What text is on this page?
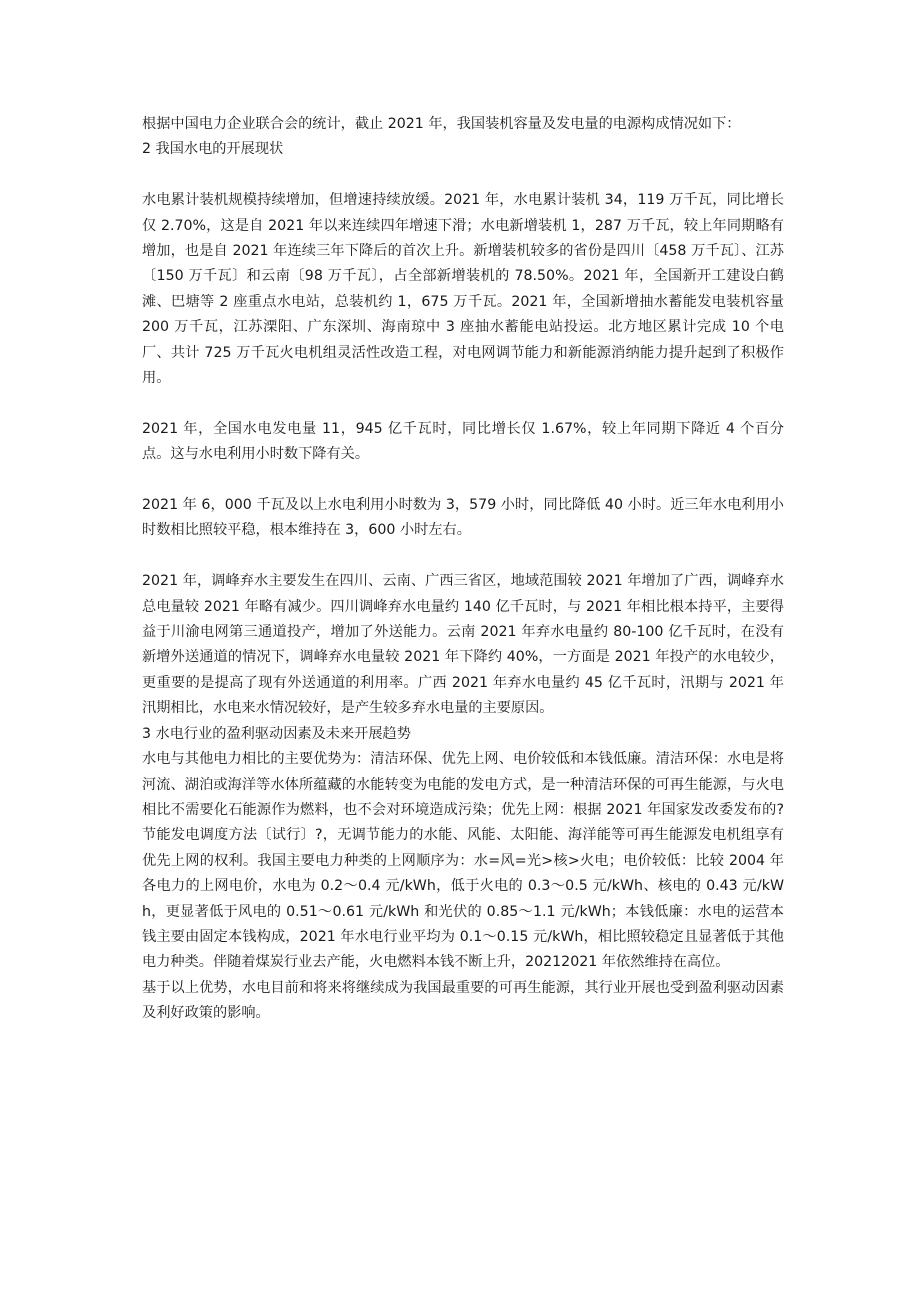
根据中国电力企业联合会的统计，截止 2021 年，我国装机容量及发电量的电源构成情况如下：

2 我国水电的开展现状

水电累计装机规模持续增加，但增速持续放缓。2021 年，水电累计装机 34，119 万千瓦，同比增长仅 2.70%，这是自 2021 年以来连续四年增速下滑；水电新增装机 1，287 万千瓦，较上年同期略有增加，也是自 2021 年连续三年下降后的首次上升。新增装机较多的省份是四川〔458 万千瓦〕、江苏〔150 万千瓦〕和云南〔98 万千瓦〕，占全部新增装机的 78.50%。2021 年，全国新开工建设白鹤滩、巴塘等 2 座重点水电站，总装机约 1，675 万千瓦。2021 年，全国新增抽水蓄能发电装机容量 200 万千瓦，江苏溧阳、广东深圳、海南琼中 3 座抽水蓄能电站投运。北方地区累计完成 10 个电厂、共计 725 万千瓦火电机组灵活性改造工程，对电网调节能力和新能源消纳能力提升起到了积极作用。

2021 年，全国水电发电量 11，945 亿千瓦时，同比增长仅 1.67%，较上年同期下降近 4 个百分点。这与水电利用小时数下降有关。

2021 年 6，000 千瓦及以上水电利用小时数为 3，579 小时，同比降低 40 小时。近三年水电利用小时数相比照较平稳，根本维持在 3，600 小时左右。

2021 年，调峰弃水主要发生在四川、云南、广西三省区，地域范围较 2021 年增加了广西，调峰弃水总电量较 2021 年略有减少。四川调峰弃水电量约 140 亿千瓦时，与 2021 年相比根本持平，主要得益于川渝电网第三通道投产，增加了外送能力。云南 2021 年弃水电量约 80-100 亿千瓦时，在没有新增外送通道的情况下，调峰弃水电量较 2021 年下降约 40%，一方面是 2021 年投产的水电较少，更重要的是提高了现有外送通道的利用率。广西 2021 年弃水电量约 45 亿千瓦时，汛期与 2021 年汛期相比，水电来水情况较好，是产生较多弃水电量的主要原因。

3 水电行业的盈利驱动因素及未来开展趋势

水电与其他电力相比的主要优势为：清洁环保、优先上网、电价较低和本钱低廉。清洁环保：水电是将河流、湖泊或海洋等水体所蕴藏的水能转变为电能的发电方式，是一种清洁环保的可再生能源，与火电相比不需要化石能源作为燃料，也不会对环境造成污染；优先上网：根据 2021 年国家发改委发布的?节能发电调度方法〔试行〕?，无调节能力的水能、风能、太阳能、海洋能等可再生能源发电机组享有优先上网的权利。我国主要电力种类的上网顺序为：水=风=光>核>火电；电价较低：比较 2004 年各电力的上网电价，水电为 0.2～0.4 元/kWh，低于火电的 0.3～0.5 元/kWh、核电的 0.43 元/kWh，更显著低于风电的 0.51～0.61 元/kWh 和光伏的 0.85～1.1 元/kWh；本钱低廉：水电的运营本钱主要由固定本钱构成，2021 年水电行业平均为 0.1～0.15 元/kWh，相比照较稳定且显著低于其他电力种类。伴随着煤炭行业去产能，火电燃料本钱不断上升，20212021 年依然维持在高位。

基于以上优势，水电目前和将来将继续成为我国最重要的可再生能源，其行业开展也受到盈利驱动因素及利好政策的影响。
